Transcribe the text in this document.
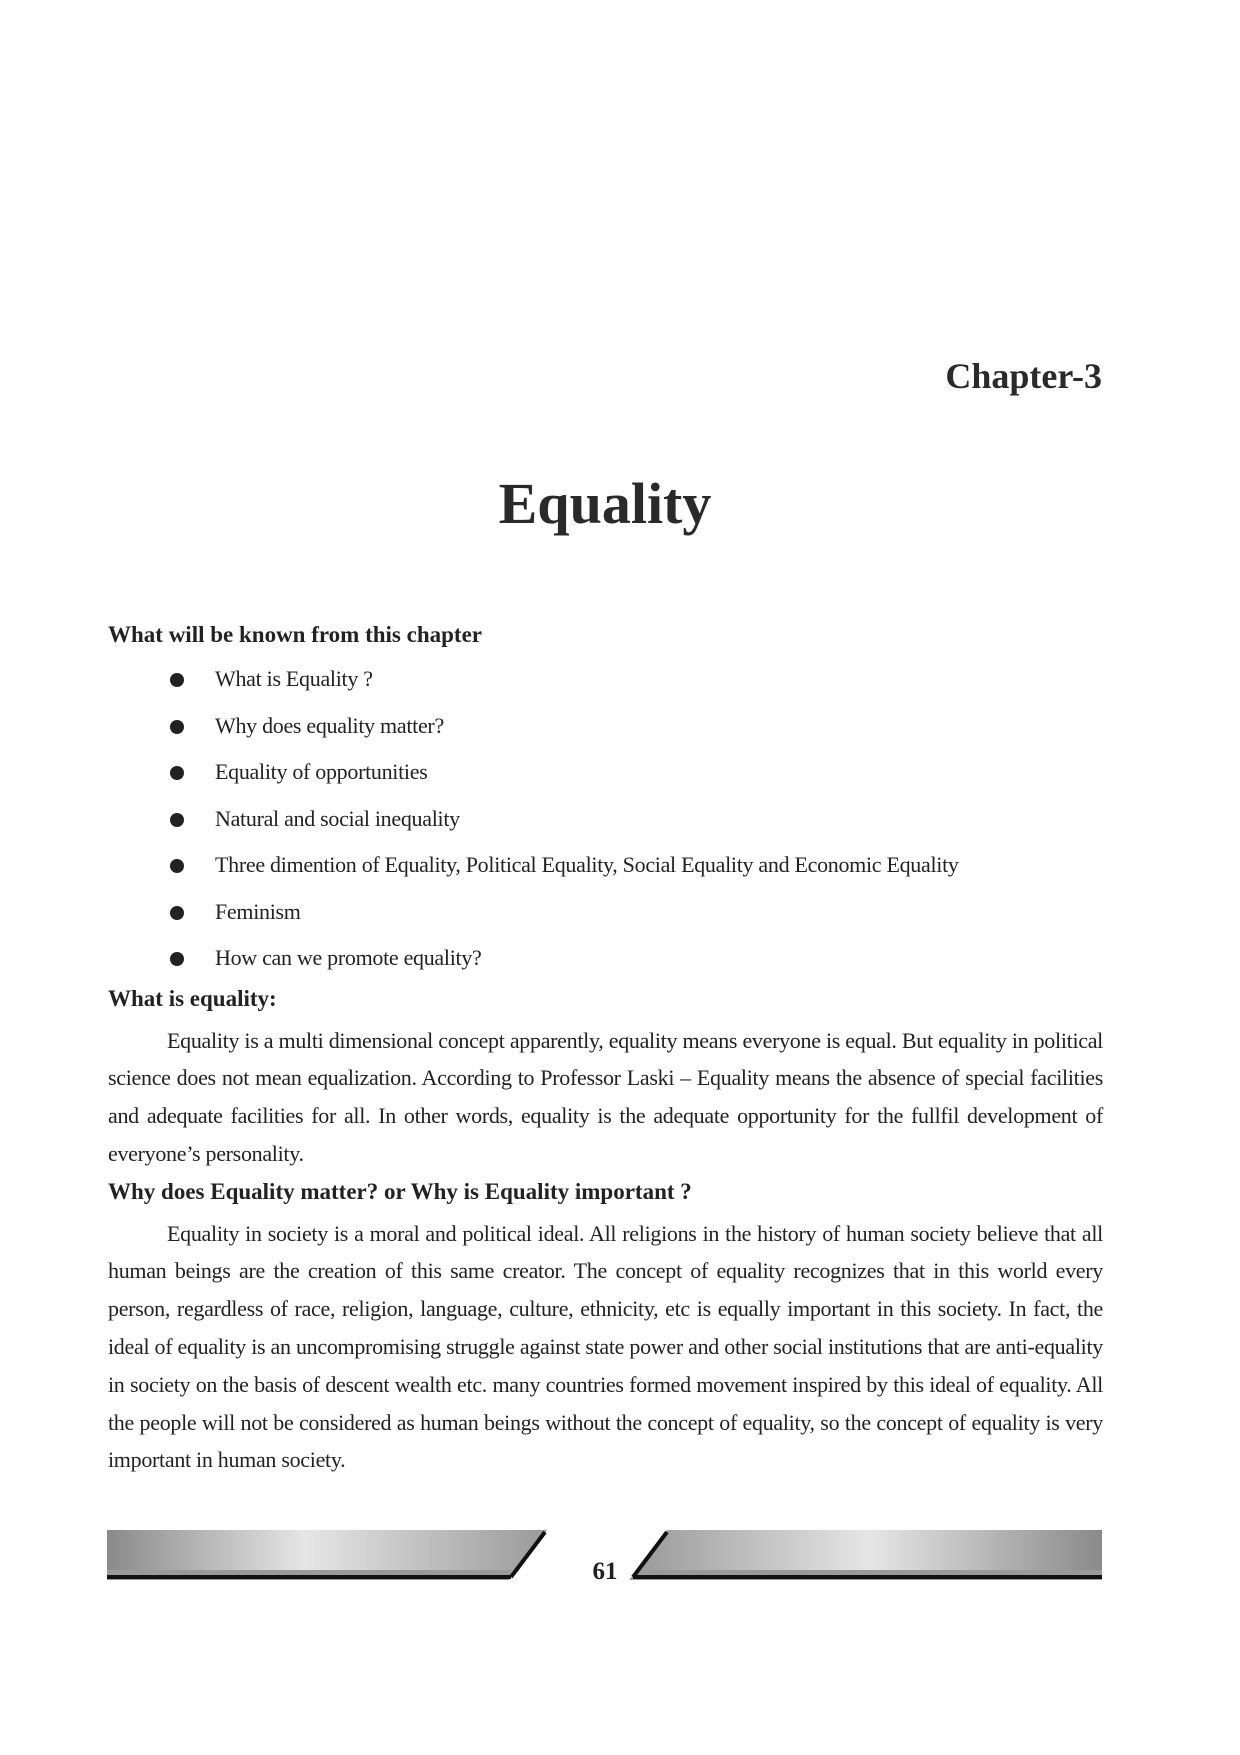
Chapter-3
Equality

What will be known from this chapter

What is Equality ?
Why does equality matter?
Equality of opportunities
Natural and social inequality
Three dimention of Equality, Political Equality, Social Equality and Economic Equality
Feminism
How can we promote equality?

What is equality:

Equality is a multi dimensional concept apparently, equality means everyone is equal. But equality in political science does not mean equalization. According to Professor Laski – Equality means the absence of special facilities and adequate facilities for all. In other words, equality is the adequate opportunity for the fullfil development of everyone’s personality.

Why does Equality matter? or Why is Equality important ?

Equality in society is a moral and political ideal. All religions in the history of human society believe that all human beings are the creation of this same creator. The concept of equality recognizes that in this world every person, regardless of race, religion, language, culture, ethnicity, etc is equally important in this society. In fact, the ideal of equality is an uncompromising struggle against state power and other social institutions that are anti-equality in society on the basis of descent wealth etc. many countries formed movement inspired by this ideal of equality. All the people will not be considered as human beings without the concept of equality, so the concept of equality is very important in human society.

61
